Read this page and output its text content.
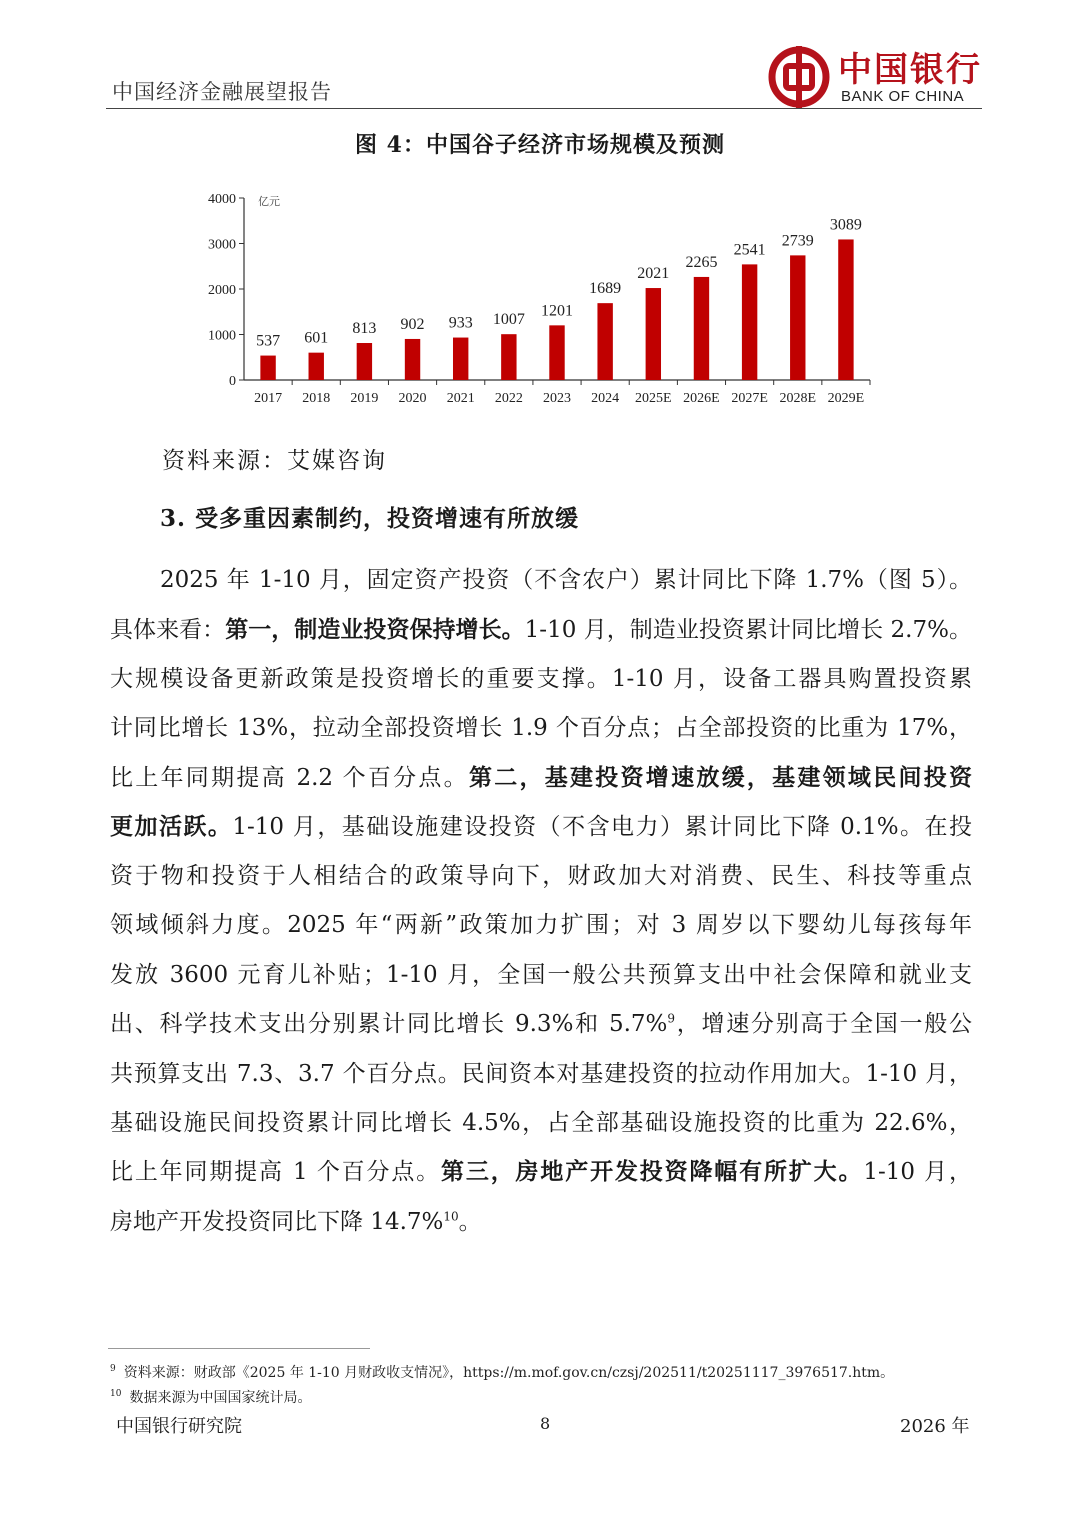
中国经济金融展望报告
中国银行
BANK OF CHINA
图 4：中国谷子经济市场规模及预测
0
1000
2000
3000
4000 亿元
537
2017
601
2018
813
2019
902
2020
933
2021
1007
2022
1201
2023
1689
2024
2021
2025E
2265
2026E
2541
2027E
2739
2028E
3089
2029E
资料来源：艾媒咨询
3. 受多重因素制约，投资增速有所放缓
2025 年 1-10 月，固定资产投资（不含农户）累计同比下降 1.7%（图 5）。
具体来看：第一，制造业投资保持增长。1-10 月，制造业投资累计同比增长 2.7%。
大规模设备更新政策是投资增长的重要支撑。1-10 月，设备工器具购置投资累
计同比增长 13%，拉动全部投资增长 1.9 个百分点；占全部投资的比重为 17%，
比上年同期提高 2.2 个百分点。第二，基建投资增速放缓，基建领域民间投资
更加活跃。1-10 月，基础设施建设投资（不含电力）累计同比下降 0.1%。在投
资于物和投资于人相结合的政策导向下，财政加大对消费、民生、科技等重点
领域倾斜力度。2025 年“两新”政策加力扩围；对 3 周岁以下婴幼儿每孩每年
发放 3600 元育儿补贴；1-10 月，全国一般公共预算支出中社会保障和就业支
出、科学技术支出分别累计同比增长 9.3%和 5.7%$^9$，增速分别高于全国一般公
共预算支出 7.3、3.7 个百分点。民间资本对基建投资的拉动作用加大。1-10 月，
基础设施民间投资累计同比增长 4.5%，占全部基础设施投资的比重为 22.6%，
比上年同期提高 1 个百分点。第三，房地产开发投资降幅有所扩大。1-10 月，
房地产开发投资同比下降 14.7%$^{10}$。
$^9$ 资料来源：财政部《2025 年 1-10 月财政收支情况》，https://m.mof.gov.cn/czsj/202511/t20251117_3976517.htm。
$^{10}$ 数据来源为中国国家统计局。
中国银行研究院	8	2026 年
